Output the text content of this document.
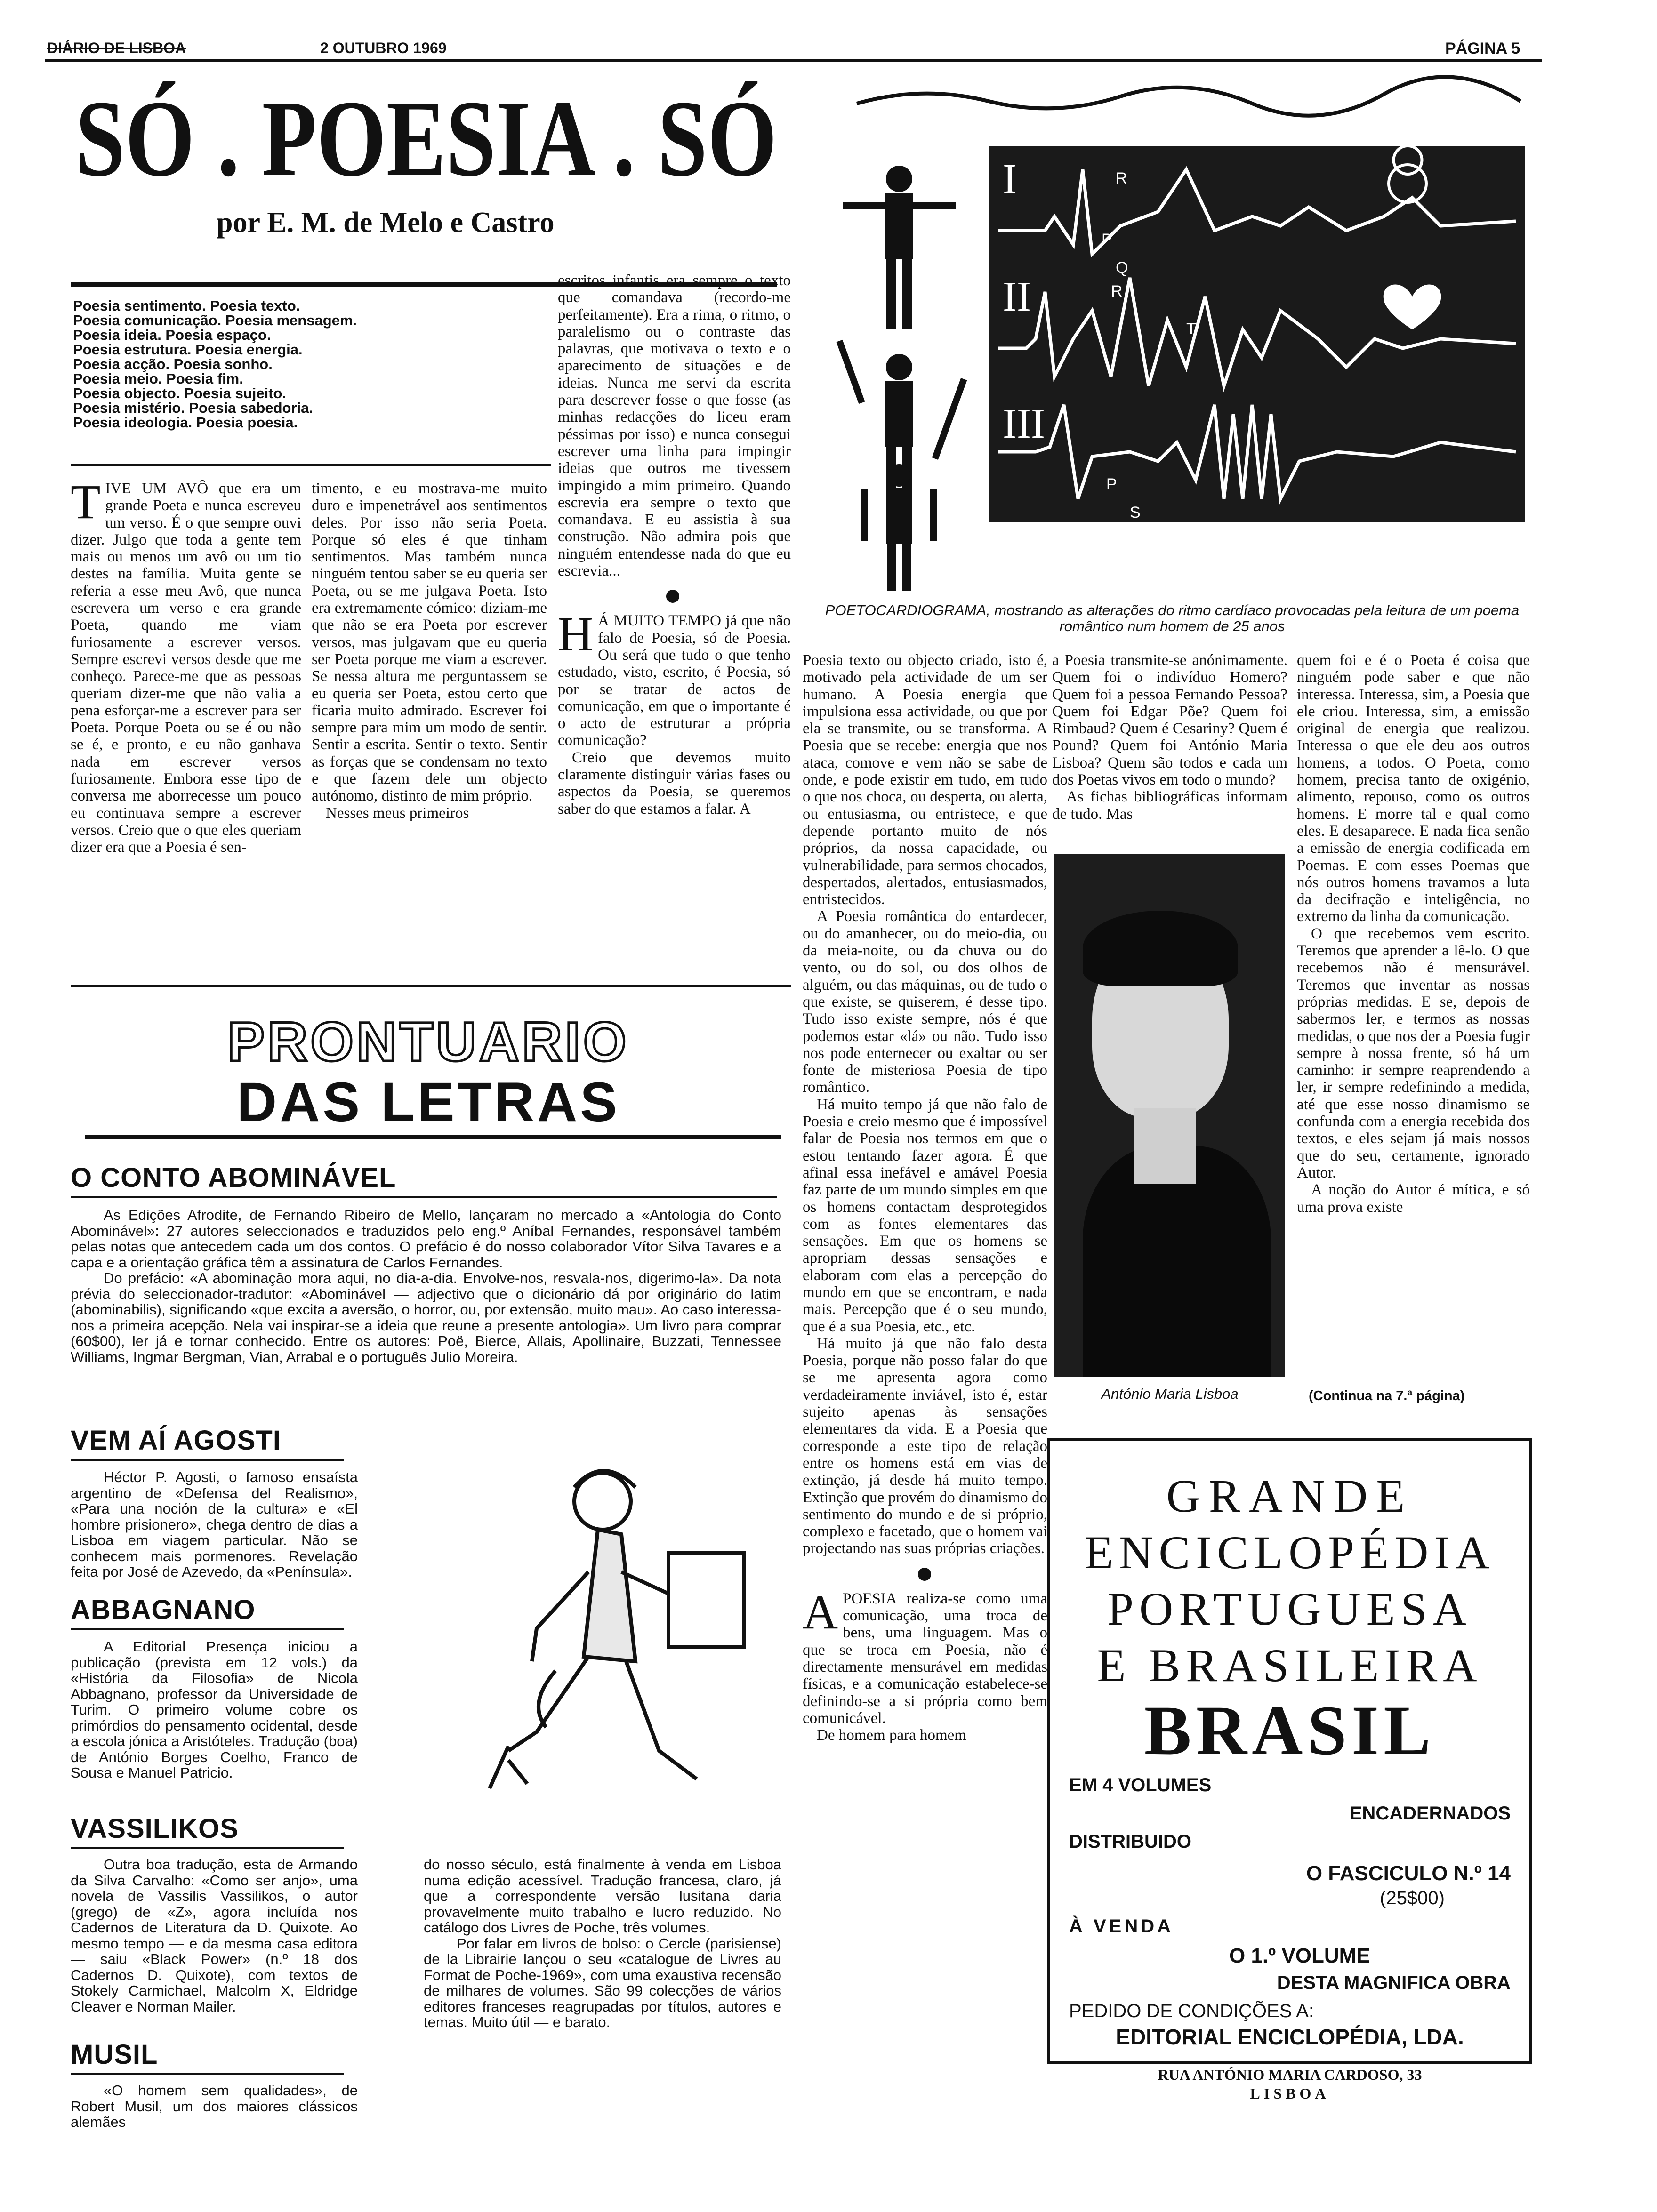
DIÁRIO DE LISBOA	2 OUTUBRO 1969	PÁGINA 5
SÓ . POESIA . SÓ
por E. M. de Melo e Castro
Poesia sentimento. Poesia texto.
Poesia comunicação. Poesia mensagem.
Poesia ideia. Poesia espaço.
Poesia estrutura. Poesia energia.
Poesia acção. Poesia sonho.
Poesia meio. Poesia fim.
Poesia objecto. Poesia sujeito.
Poesia mistério. Poesia sabedoria.
Poesia ideologia. Poesia poesia.
TIVE UM AVÔ que era um grande Poeta e nunca escreveu um verso. É o que sempre ouvi dizer. Julgo que toda a gente tem mais ou menos um avô ou um tio destes na família. Muita gente se referia a esse meu Avô, que nunca escrevera um verso e era grande Poeta, quando me viam furiosamente a escrever versos. Sempre escrevi versos desde que me conheço. Parece-me que as pessoas queriam dizer-me que não valia a pena esforçar-me a escrever para ser Poeta. Porque Poeta ou se é ou não se é, e pronto, e eu não ganhava nada em escrever versos furiosamente. Embora esse tipo de conversa me aborrecesse um pouco eu continuava sempre a escrever versos. Creio que o que eles queriam dizer era que a Poesia é sen-

timento, e eu mostrava-me muito duro e impenetrável aos sentimentos deles. Por isso não seria Poeta. Porque só eles é que tinham sentimentos. Mas também nunca ninguém tentou saber se eu queria ser Poeta, ou se me julgava Poeta. Isto era extremamente cómico: diziam-me que não se era Poeta por escrever versos, mas julgavam que eu queria ser Poeta porque me viam a escrever. Se nessa altura me perguntassem se eu queria ser Poeta, estou certo que ficaria muito admirado. Escrever foi sempre para mim um modo de sentir. Sentir a escrita. Sentir o texto. Sentir as forças que se condensam no texto e que fazem dele um objecto autónomo, distinto de mim próprio.

Nesses meus primeiros

escritos infantis era sempre o texto que comandava (recordo-me perfeitamente). Era a rima, o ritmo, o paralelismo ou o contraste das palavras, que motivava o texto e o aparecimento de situações e de ideias. Nunca me servi da escrita para descrever fosse o que fosse (as minhas redacções do liceu eram péssimas por isso) e nunca consegui escrever uma linha para impingir ideias que outros me tivessem impingido a mim primeiro. Quando escrevia era sempre o texto que comandava. E eu assistia à sua construção. Não admira pois que ninguém entendesse nada do que eu escrevia...

H Á MUITO TEMPO já que não falo de Poesia, só de Poesia. Ou será que tudo o que tenho estudado, visto, escrito, é Poesia, só por se tratar de actos de comunicação, em que o importante é o acto de estruturar a própria comunicação?

Creio que devemos muito claramente distinguir várias fases ou aspectos da Poesia, se queremos saber do que estamos a falar. A

I
II
III
P
R
R
P
Q
S
T
POETOCARDIOGRAMA, mostrando as alterações do ritmo cardíaco provocadas pela leitura de um poema romântico num homem de 25 anos

Poesia texto ou objecto criado, isto é, motivado pela actividade de um ser humano. A Poesia energia que impulsiona essa actividade, ou que por ela se transmite, ou se transforma. A Poesia que se recebe: energia que nos ataca, comove e vem não se sabe de onde, e pode existir em tudo, em tudo o que nos choca, ou desperta, ou alerta, ou entusiasma, ou entristece, e que depende portanto muito de nós próprios, da nossa capacidade, ou vulnerabilidade, para sermos chocados, despertados, alertados, entusiasmados, entristecidos.

A Poesia romântica do entardecer, ou do amanhecer, ou do meio-dia, ou da meia-noite, ou da chuva ou do vento, ou do sol, ou dos olhos de alguém, ou das máquinas, ou de tudo o que existe, se quiserem, é desse tipo. Tudo isso existe sempre, nós é que podemos estar «lá» ou não. Tudo isso nos pode enternecer ou exaltar ou ser fonte de misteriosa Poesia de tipo romântico.

Há muito tempo já que não falo de Poesia e creio mesmo que é impossível falar de Poesia nos termos em que o estou tentando fazer agora. É que afinal essa inefável e amável Poesia faz parte de um mundo simples em que os homens contactam desprotegidos com as fontes elementares das sensações. Em que os homens se apropriam dessas sensações e elaboram com elas a percepção do mundo em que se encontram, e nada mais. Percepção que é o seu mundo, que é a sua Poesia, etc., etc.

Há muito já que não falo desta Poesia, porque não posso falar do que se me apresenta agora como verdadeiramente inviável, isto é, estar sujeito apenas às sensações elementares da vida. E a Poesia que corresponde a este tipo de relação entre os homens está em vias de extinção, já desde há muito tempo. Extinção que provém do dinamismo do sentimento do mundo e de si próprio, complexo e facetado, que o homem vai projectando nas suas próprias criações.

A POESIA realiza-se como uma comunicação, uma troca de bens, uma linguagem. Mas o que se troca em Poesia, não é directamente mensurável em medidas físicas, e a comunicação estabelece-se definindo-se a si própria como bem comunicável.

De homem para homem

a Poesia transmite-se anónimamente. Quem foi o indivíduo Homero? Quem foi a pessoa Fernando Pessoa? Quem foi Edgar Põe? Quem foi Rimbaud? Quem é Cesariny? Quem é Pound? Quem foi António Maria Lisboa? Quem são todos e cada um dos Poetas vivos em todo o mundo?

As fichas bibliográficas informam de tudo. Mas

António Maria Lisboa

quem foi e é o Poeta é coisa que ninguém pode saber e que não interessa. Interessa, sim, a Poesia que ele criou. Interessa, sim, a emissão original de energia que realizou. Interessa o que ele deu aos outros homens, a todos. O Poeta, como homem, precisa tanto de oxigénio, alimento, repouso, como os outros homens. E morre tal e qual como eles. E desaparece. E nada fica senão a emissão de energia codificada em Poemas. E com esses Poemas que nós outros homens travamos a luta da decifração e inteligência, no extremo da linha da comunicação.

O que recebemos vem escrito. Teremos que aprender a lê-lo. O que recebemos não é mensurável. Teremos que inventar as nossas próprias medidas. E se, depois de sabermos ler, e termos as nossas medidas, o que nos der a Poesia fugir sempre à nossa frente, só há um caminho: ir sempre reaprendendo a ler, ir sempre redefinindo a medida, até que esse nosso dinamismo se confunda com a energia recebida dos textos, e eles sejam já mais nossos que do seu, certamente, ignorado Autor.

A noção do Autor é mítica, e só uma prova existe

(Continua na 7.ª página)
PRONTUARIO
DAS LETRAS
O CONTO ABOMINÁVEL

As Edições Afrodite, de Fernando Ribeiro de Mello, lançaram no mercado a «Antologia do Conto Abominável»: 27 autores seleccionados e traduzidos pelo eng.º Aníbal Fernandes, responsável também pelas notas que antecedem cada um dos contos. O prefácio é do nosso colaborador Vítor Silva Tavares e a capa e a orientação gráfica têm a assinatura de Carlos Fernandes.

Do prefácio: «A abominação mora aqui, no dia-a-dia. Envolve-nos, resvala-nos, digerimo-la». Da nota prévia do seleccionador-tradutor: «Abominável — adjectivo que o dicionário dá por originário do latim (abominabilis), significando «que excita a aversão, o horror, ou, por extensão, muito mau». Ao caso interessa-nos a primeira acepção. Nela vai inspirar-se a ideia que reune a presente antologia». Um livro para comprar (60$00), ler já e tornar conhecido. Entre os autores: Poë, Bierce, Allais, Apollinaire, Buzzati, Tennessee Williams, Ingmar Bergman, Vian, Arrabal e o português Julio Moreira.

VEM AÍ AGOSTI

Héctor P. Agosti, o famoso ensaísta argentino de «Defensa del Realismo», «Para una noción de la cultura» e «El hombre prisionero», chega dentro de dias a Lisboa em viagem particular. Não se conhecem mais pormenores. Revelação feita por José de Azevedo, da «Península».

ABBAGNANO

A Editorial Presença iniciou a publicação (prevista em 12 vols.) da «História da Filosofia» de Nicola Abbagnano, professor da Universidade de Turim. O primeiro volume cobre os primórdios do pensamento ocidental, desde a escola jónica a Aristóteles. Tradução (boa) de António Borges Coelho, Franco de Sousa e Manuel Patricio.

VASSILIKOS

Outra boa tradução, esta de Armando da Silva Carvalho: «Como ser anjo», uma novela de Vassilis Vassilikos, o autor (grego) de «Z», agora incluída nos Cadernos de Literatura da D. Quixote. Ao mesmo tempo — e da mesma casa editora — saiu «Black Power» (n.º 18 dos Cadernos D. Quixote), com textos de Stokely Carmichael, Malcolm X, Eldridge Cleaver e Norman Mailer.

MUSIL

«O homem sem qualidades», de Robert Musil, um dos maiores clássicos alemães

do nosso século, está finalmente à venda em Lisboa numa edição acessível. Tradução francesa, claro, já que a correspondente versão lusitana daria provavelmente muito trabalho e lucro reduzido. No catálogo dos Livres de Poche, três volumes.

Por falar em livros de bolso: o Cercle (parisiense) de la Librairie lançou o seu «catalogue de Livres au Format de Poche-1969», com uma exaustiva recensão de milhares de volumes. São 99 colecções de vários editores franceses reagrupadas por títulos, autores e temas. Muito útil — e barato.

GRANDE
ENCICLOPÉDIA
PORTUGUESA
E BRASILEIRA
BRASIL
EM 4 VOLUMES
ENCADERNADOS
DISTRIBUIDO
O FASCICULO N.º 14
(25$00)
À VENDA
O 1.º VOLUME
DESTA MAGNIFICA OBRA
PEDIDO DE CONDIÇÕES A:
EDITORIAL ENCICLOPÉDIA, LDA.
RUA ANTÓNIO MARIA CARDOSO, 33
LISBOA
